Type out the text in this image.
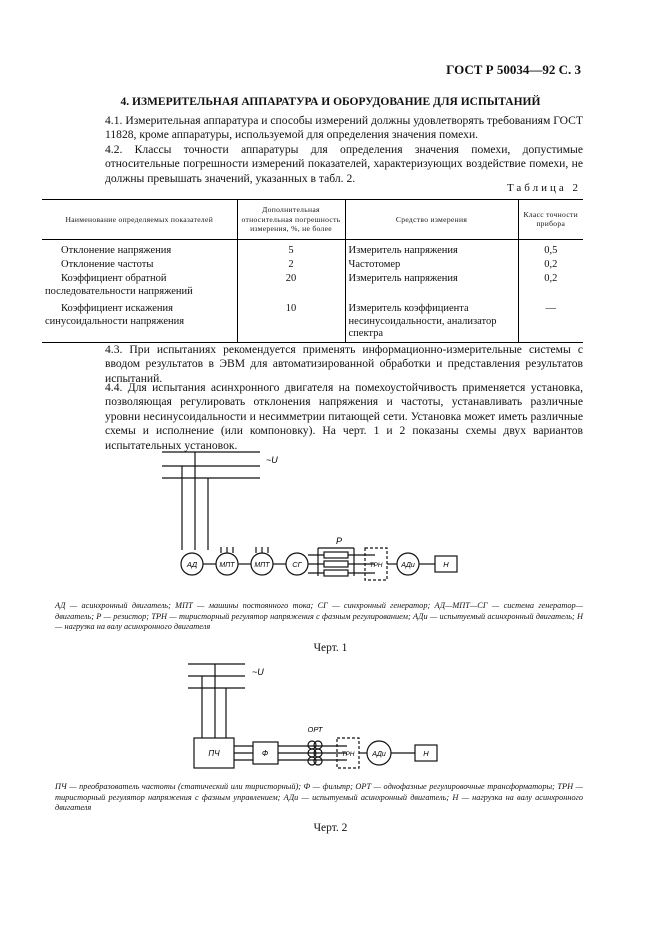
ГОСТ Р 50034—92 С. 3
4. ИЗМЕРИТЕЛЬНАЯ АППАРАТУРА И ОБОРУДОВАНИЕ ДЛЯ ИСПЫТАНИЙ
4.1. Измерительная аппаратура и способы измерений должны удовлетворять требованиям ГОСТ 11828, кроме аппаратуры, используемой для определения значения помехи.
4.2. Классы точности аппаратуры для определения значения помехи, допустимые относительные погрешности измерений показателей, характеризующих воздействие помехи, не должны превышать значений, указанных в табл. 2.
Таблица 2
Наименование определяемых показателей	Дополнительная относительная погрешность измерения, %, не более	Средство измерения	Класс точности прибора
Отклонение напряжения	5	Измеритель напряжения	0,5
Отклонение частоты	2	Частотомер	0,2
Коэффициент обратной последовательности напряжений	20	Измеритель напряжения	0,2
Коэффициент искажения синусоидальности напряжения	10	Измеритель коэффициента несинусоидальности, анализатор спектра	—
4.3. При испытаниях рекомендуется применять информационно-измерительные системы с вводом результатов в ЭВМ для автоматизированной обработки и представления результатов испытаний.
4.4. Для испытания асинхронного двигателя на помехоустойчивость применяется установка, позволяющая регулировать отклонения напряжения и частоты, устанавливать различные уровни несинусоидальности и несимметрии питающей сети. Установка может иметь различные схемы и исполнение (или компоновку). На черт. 1 и 2 показаны схемы двух вариантов испытательных установок.
~U
Р
АД	МПТ	МПТ	СГ	ТРН	АДи	Н
АД — асинхронный двигатель; МПТ — машины постоянного тока; СГ — синхронный генератор; АД—МПТ—СГ — система генератор—двигатель; Р — резистор; ТРН — тиристорный регулятор напряжения с фазным регулированием; АДи — испытуемый асинхронный двигатель; Н — нагрузка на валу асинхронного двигателя
Черт. 1
~U
ОРТ
ПЧ	Ф	ТРН	АДи	Н
ПЧ — преобразователь частоты (статический или тиристорный); Ф — фильтр; ОРТ — однофазные регулировочные трансформаторы; ТРН — тиристорный регулятор напряжения с фазным управлением; АДи — испытуемый асинхронный двигатель; Н — нагрузка на валу асинхронного двигателя
Черт. 2
